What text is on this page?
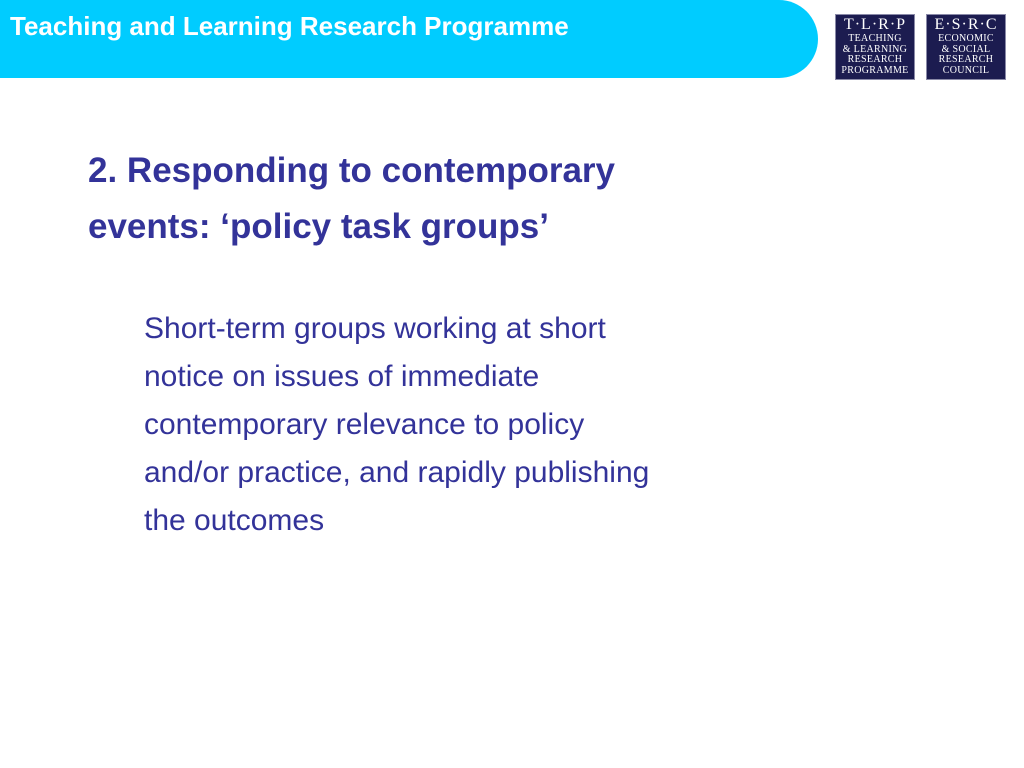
Teaching and Learning Research Programme	T·L·R·P
TEACHING
& LEARNING
RESEARCH
PROGRAMME
E·S·R·C
ECONOMIC
& SOCIAL
RESEARCH
COUNCIL
2. Responding to contemporary
events: ‘policy task groups’

Short-term groups working at short
notice on issues of immediate
contemporary relevance to policy
and/or practice, and rapidly publishing
the outcomes
